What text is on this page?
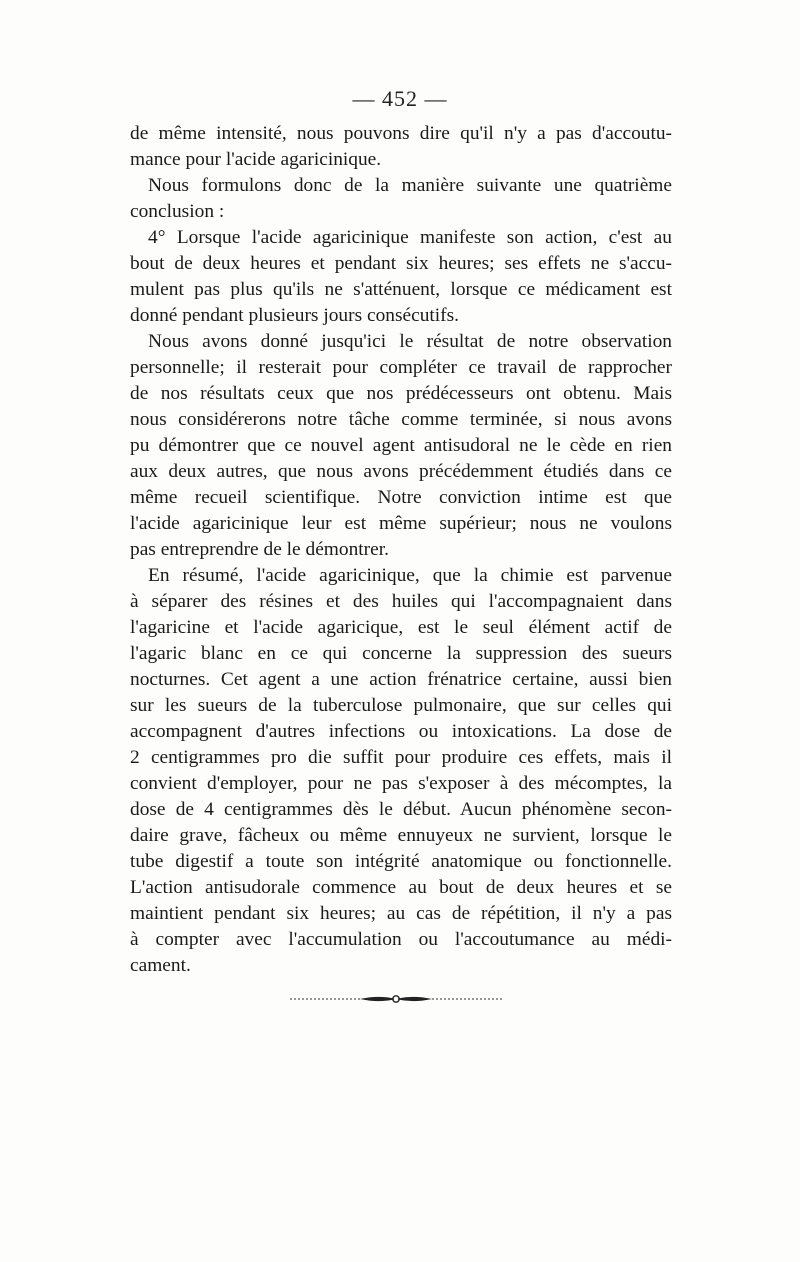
— 452 —
de même intensité, nous pouvons dire qu'il n'y a pas d'accoutu-
mance pour l'acide agaricinique.
Nous formulons donc de la manière suivante une quatrième
conclusion :
4° Lorsque l'acide agaricinique manifeste son action, c'est au
bout de deux heures et pendant six heures; ses effets ne s'accu-
mulent pas plus qu'ils ne s'atténuent, lorsque ce médicament est
donné pendant plusieurs jours consécutifs.
Nous avons donné jusqu'ici le résultat de notre observation
personnelle; il resterait pour compléter ce travail de rapprocher
de nos résultats ceux que nos prédécesseurs ont obtenu. Mais
nous considérerons notre tâche comme terminée, si nous avons
pu démontrer que ce nouvel agent antisudoral ne le cède en rien
aux deux autres, que nous avons précédemment étudiés dans ce
même recueil scientifique. Notre conviction intime est que
l'acide agaricinique leur est même supérieur; nous ne voulons
pas entreprendre de le démontrer.
En résumé, l'acide agaricinique, que la chimie est parvenue
à séparer des résines et des huiles qui l'accompagnaient dans
l'agaricine et l'acide agaricique, est le seul élément actif de
l'agaric blanc en ce qui concerne la suppression des sueurs
nocturnes. Cet agent a une action frénatrice certaine, aussi bien
sur les sueurs de la tuberculose pulmonaire, que sur celles qui
accompagnent d'autres infections ou intoxications. La dose de
2 centigrammes pro die suffit pour produire ces effets, mais il
convient d'employer, pour ne pas s'exposer à des mécomptes, la
dose de 4 centigrammes dès le début. Aucun phénomène secon-
daire grave, fâcheux ou même ennuyeux ne survient, lorsque le
tube digestif a toute son intégrité anatomique ou fonctionnelle.
L'action antisudorale commence au bout de deux heures et se
maintient pendant six heures; au cas de répétition, il n'y a pas
à compter avec l'accumulation ou l'accoutumance au médi-
cament.
